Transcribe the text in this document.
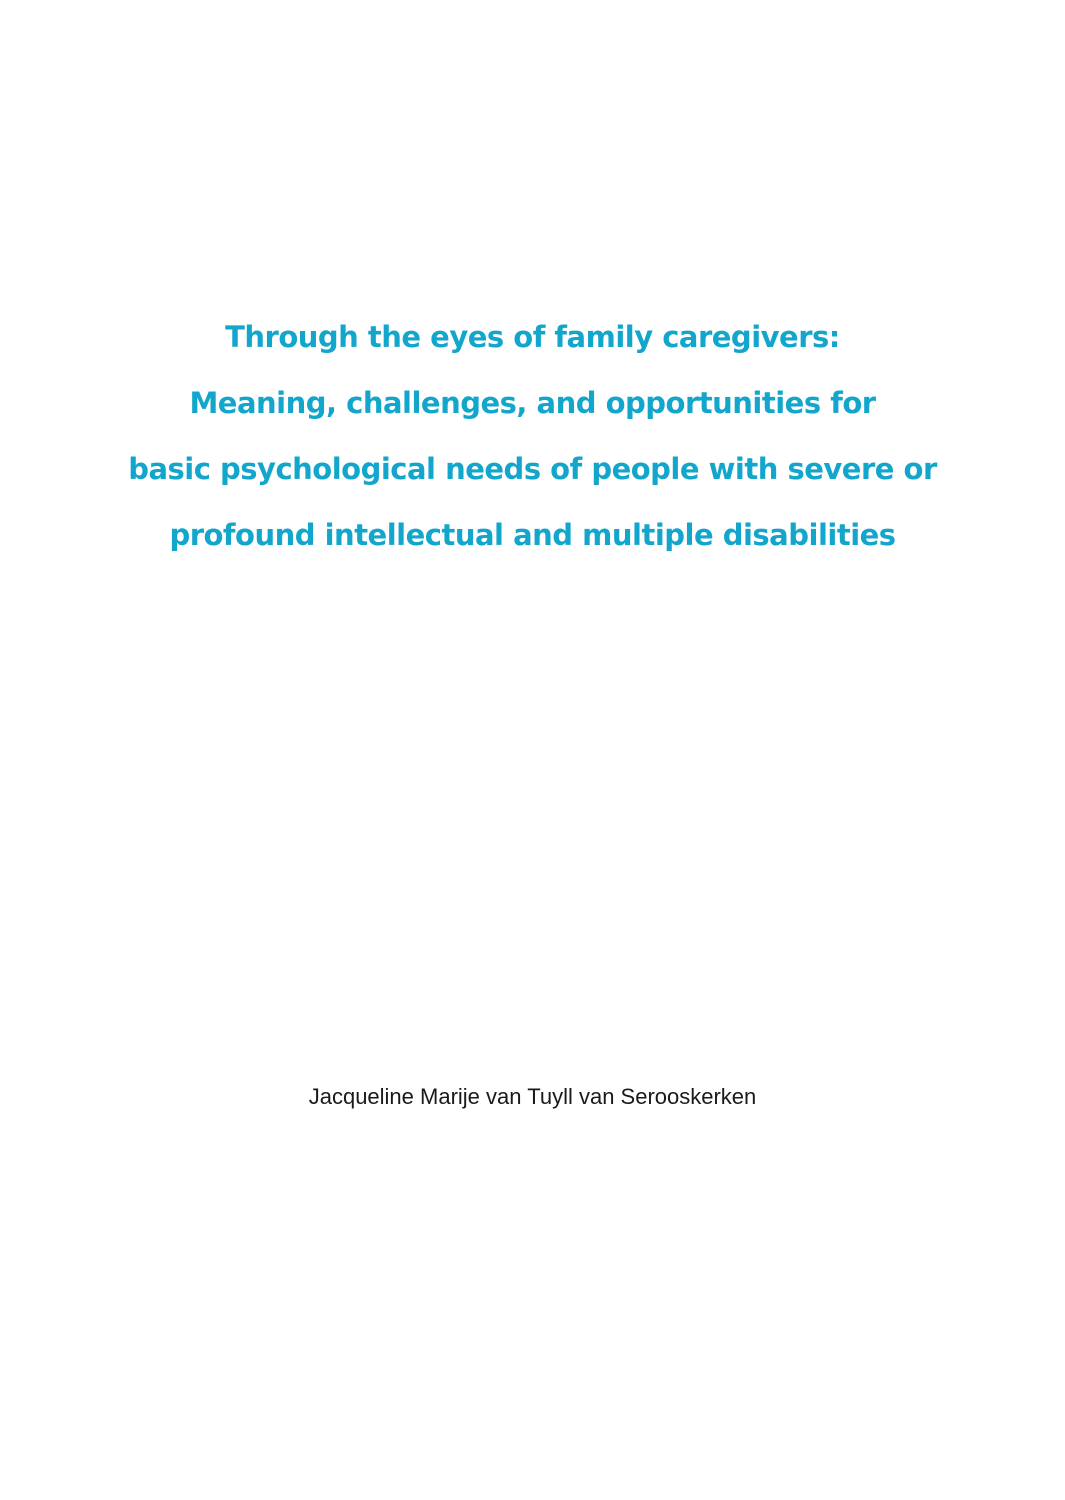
Through the eyes of family caregivers:
Meaning, challenges, and opportunities for
basic psychological needs of people with severe or
profound intellectual and multiple disabilities
Jacqueline Marije van Tuyll van Serooskerken
